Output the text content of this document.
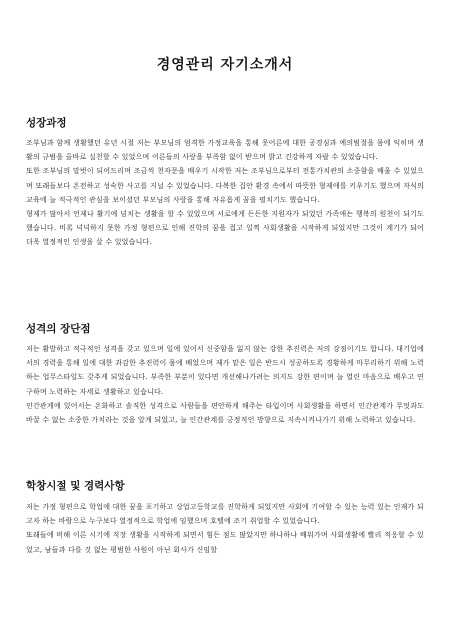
경영관리 자기소개서
성장과정

조부님과 함께 생활했던 유년 시절 저는 부모님의 엄격한 가정교육을 통해 웃어른에 대한 공경심과 예의범절을 몸에 익히며 생활의 규범을 올바로 실천할 수 있었으며 어른들의 사랑을 부족함 없이 받으며 밝고 건강하게 자랄 수 있었습니다.

또한 조부님의 말벗이 되어드리며 조금씩 천자문을 배우기 시작한 저는 조부님으로부터 전통가치관의 소중함을 배울 수 있었으며 또래들보다 온전하고 성숙한 사고를 지닐 수 있었습니다. 다복한 집안 환경 속에서 따뜻한 형제애를 키우기도 했으며 자식의 교육에 늘 적극적인 관심을 보이셨던 부모님의 사랑을 통해 자유롭게 꿈을 펼치기도 했습니다.

형제가 많아서 언제나 활기에 넘치는 생활을 할 수 있었으며 서로에게 든든한 지원자가 되었던 가족애는 행복의 원천이 되기도 했습니다. 비록 넉넉하지 못한 가정 형편으로 인해 진학의 꿈을 접고 일찍 사회생활을 시작하게 되었지만 그것이 계기가 되어 더욱 열정적인 인생을 살 수 있었습니다.

성격의 장단점

저는 활발하고 적극적인 성격을 갖고 있으며 일에 있어서 신중함을 잃지 않는 강한 추진력은 저의 강점이기도 합니다. 대기업에서의 경력을 통해 일에 대한 과감한 추진력이 몸에 배었으며 제가 맡은 일은 반드시 성공하도록 경황하게 마무리하기 위해 노력하는 업무스타일도 갖추게 되었습니다. 부족한 부분이 있다면 개선해나가려는 의지도 강한 편이며 늘 열린 마음으로 배우고 연구하며 노력하는 자세로 생활하고 있습니다.

인간관계에 있어서는 온화하고 솔직한 성격으로 사람들을 편안하게 해주는 타입이며 사회생활을 하면서 인간관계가 무엇과도 바꿀 수 없는 소중한 가치라는 것을 알게 되었고, 늘 인간관계를 긍정적인 방향으로 지속시켜나가기 위해 노력하고 있습니다.

학창시절 및 경력사항

저는 가정 형편으로 학업에 대한 꿈을 포기하고 상업고등학교를 진학하게 되었지만 사회에 기여할 수 있는 능력 있는 인재가 되고자 하는 바람으로 누구보다 열정적으로 학업에 임했으며 호텔에 조기 취업할 수 있었습니다.

또래들에 비해 이른 시기에 직장 생활을 시작하게 되면서 힘든 점도 많았지만 하나하나 배워가며 사회생활에 빨리 적응할 수 있었고, 남들과 다를 것 없는 평범한 사원이 아닌 회사가 신임할
